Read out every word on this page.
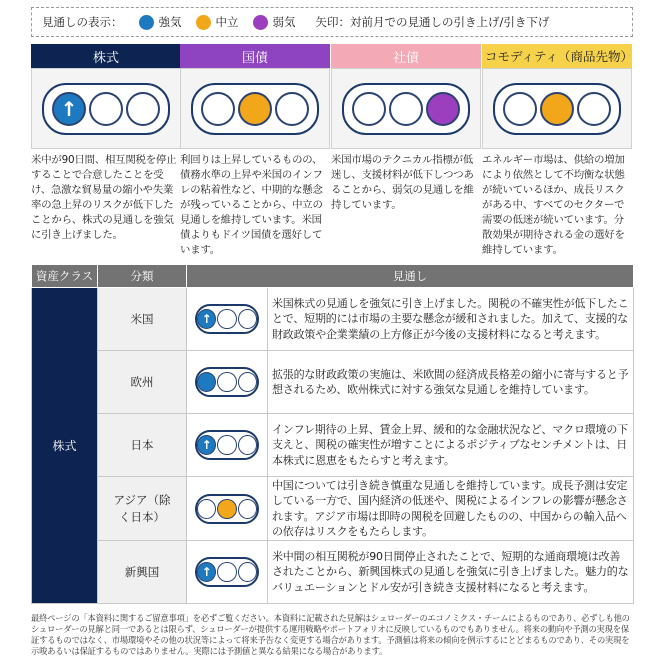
見通しの表示：	強気	中立	弱気 矢印：対前月での見通しの引き上げ/引き下げ
株式
↑
米中が90日間、相互関税を停止することで合意したことを受け、急激な貿易量の縮小や失業率の急上昇のリスクが低下したことから、株式の見通しを強気に引き上げました。
国債
利回りは上昇しているものの、債務水準の上昇や米国のインフレの粘着性など、中期的な懸念が残っていることから、中立の見通しを維持しています。米国債よりもドイツ国債を選好しています。
社債
米国市場のテクニカル指標が低迷し、支援材料が低下しつつあることから、弱気の見通しを維持しています。
コモディティ（商品先物）
エネルギー市場は、供給の増加により依然として不均衡な状態が続いているほか、成長リスクがある中、すべてのセクターで需要の低迷が続いています。分散効果が期待される金の選好を維持しています。
資産クラス	分類	見通し	
株式	米国	↑	米国株式の見通しを強気に引き上げました。関税の不確実性が低下したことで、短期的には市場の主要な懸念が緩和されました。加えて、支援的な財政政策や企業業績の上方修正が今後の支援材料になると考えます。
	欧州		拡張的な財政政策の実施は、米欧間の経済成長格差の縮小に寄与すると予想されるため、欧州株式に対する強気な見通しを維持しています。
	日本	↑	インフレ期待の上昇、賃金上昇、緩和的な金融状況など、マクロ環境の下支えと、関税の確実性が増すことによるポジティブなセンチメントは、日本株式に恩恵をもたらすと考えます。
	アジア（除く日本）		中国については引き続き慎重な見通しを維持しています。成長予測は安定している一方で、国内経済の低迷や、関税によるインフレの影響が懸念されます。アジア市場は即時の関税を回避したものの、中国からの輸入品への依存はリスクをもたらします。
	新興国	↑	米中間の相互関税が90日間停止されたことで、短期的な通商環境は改善されたことから、新興国株式の見通しを強気に引き上げました。魅力的なバリュエーションとドル安が引き続き支援材料になると考えます。
最終ページの「本資料に関するご留意事項」を必ずご覧ください。本資料に記載された見解はシュローダーのエコノミクス・チームによるものであり、必ずしも他のシュローダーの見解と同一であるとは限らず、シュローダーが提供する運用戦略やポートフォリオに反映しているものでもありません。将来の動向や予測の実現を保証するものではなく、市場環境やその他の状況等によって将来予告なく変更する場合があります。予測値は将来の傾向を例示するにとどまるものであり、その実現を示唆あるいは保証するものではありません。実際には予測値と異なる結果になる場合があります。
